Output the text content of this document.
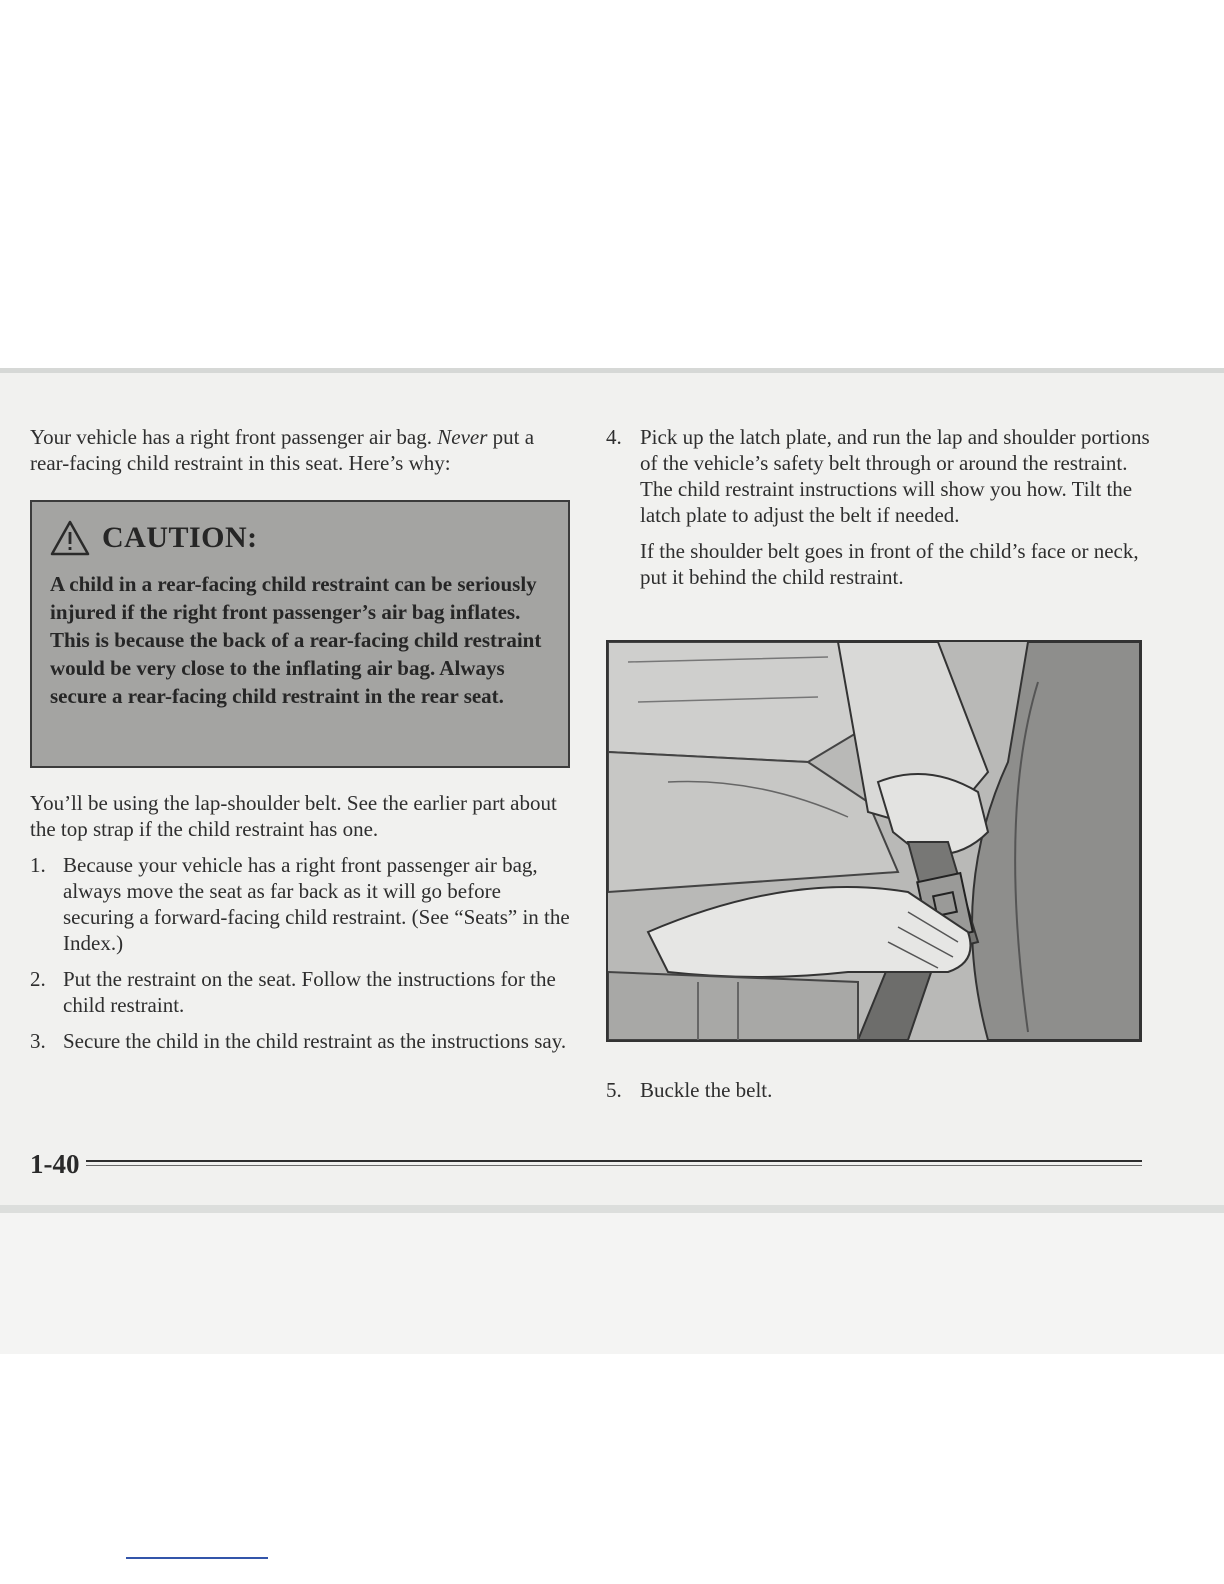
Your vehicle has a right front passenger air bag. Never put a rear-facing child restraint in this seat. Here’s why:

CAUTION:
A child in a rear-facing child restraint can be seriously injured if the right front passenger’s air bag inflates. This is because the back of a rear-facing child restraint would be very close to the inflating air bag. Always secure a rear-facing child restraint in the rear seat.

You’ll be using the lap-shoulder belt. See the earlier part about the top strap if the child restraint has one.

1. Because your vehicle has a right front passenger air bag, always move the seat as far back as it will go before securing a forward-facing child restraint. (See “Seats” in the Index.)
2. Put the restraint on the seat. Follow the instructions for the child restraint.
3. Secure the child in the child restraint as the instructions say.

4. Pick up the latch plate, and run the lap and shoulder portions of the vehicle’s safety belt through or around the restraint. The child restraint instructions will show you how. Tilt the latch plate to adjust the belt if needed.

If the shoulder belt goes in front of the child’s face or neck, put it behind the child restraint.

5. Buckle the belt.
1-40
